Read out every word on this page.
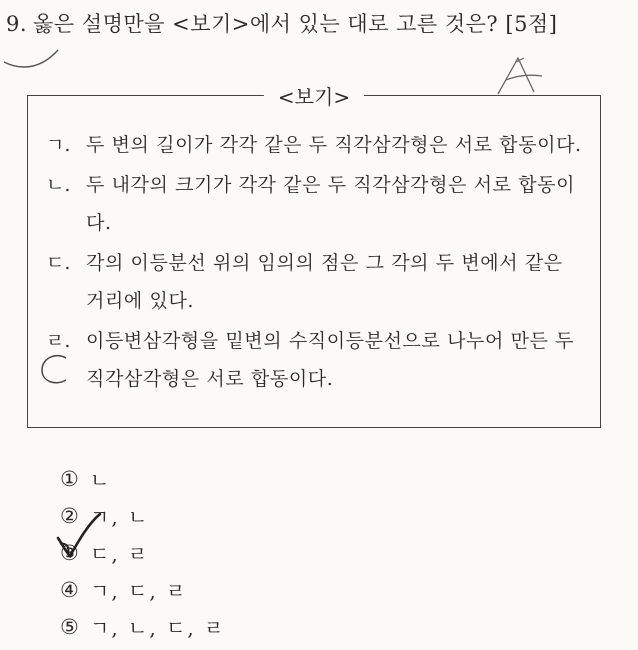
9. 옳은 설명만을 <보기>에서 있는 대로 고른 것은? [5점]
<보기>
ㄱ. 두 변의 길이가 각각 같은 두 직각삼각형은 서로 합동이다.
ㄴ. 두 내각의 크기가 각각 같은 두 직각삼각형은 서로 합동이다.
ㄷ. 각의 이등분선 위의 임의의 점은 그 각의 두 변에서 같은 거리에 있다.
ㄹ. 이등변삼각형을 밑변의 수직이등분선으로 나누어 만든 두 직각삼각형은 서로 합동이다.
① ㄴ
② ㄱ, ㄴ
③ ㄷ, ㄹ
④ ㄱ, ㄷ, ㄹ
⑤ ㄱ, ㄴ, ㄷ, ㄹ
